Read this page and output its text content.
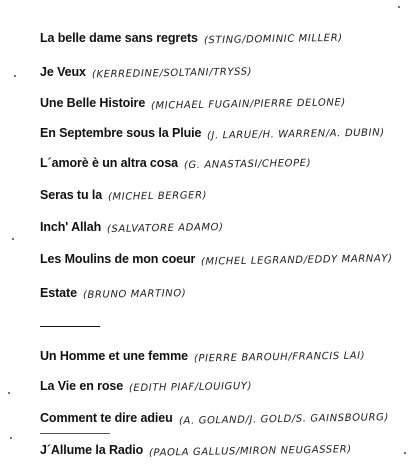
La belle dame sans regrets (STING/DOMINIC MILLER)
Je Veux (KERREDINE/SOLTANI/TRYSS)
Une Belle Histoire (MICHAEL FUGAIN/PIERRE DELONE)
En Septembre sous la Pluie (J. LARUE/H. WARREN/A. DUBIN)
L´amorè è un altra cosa (G. ANASTASI/CHEOPE)
Seras tu la (MICHEL BERGER)
Inch' Allah (SALVATORE ADAMO)
Les Moulins de mon coeur (MICHEL LEGRAND/EDDY MARNAY)
Estate (BRUNO MARTINO)
Un Homme et une femme (PIERRE BAROUH/FRANCIS LAI)
La Vie en rose (EDITH PIAF/LOUIGUY)
Comment te dire adieu (A. GOLAND/J. GOLD/S. GAINSBOURG)
J´Allume la Radio (PAOLA GALLUS/MIRON NEUGASSER)
